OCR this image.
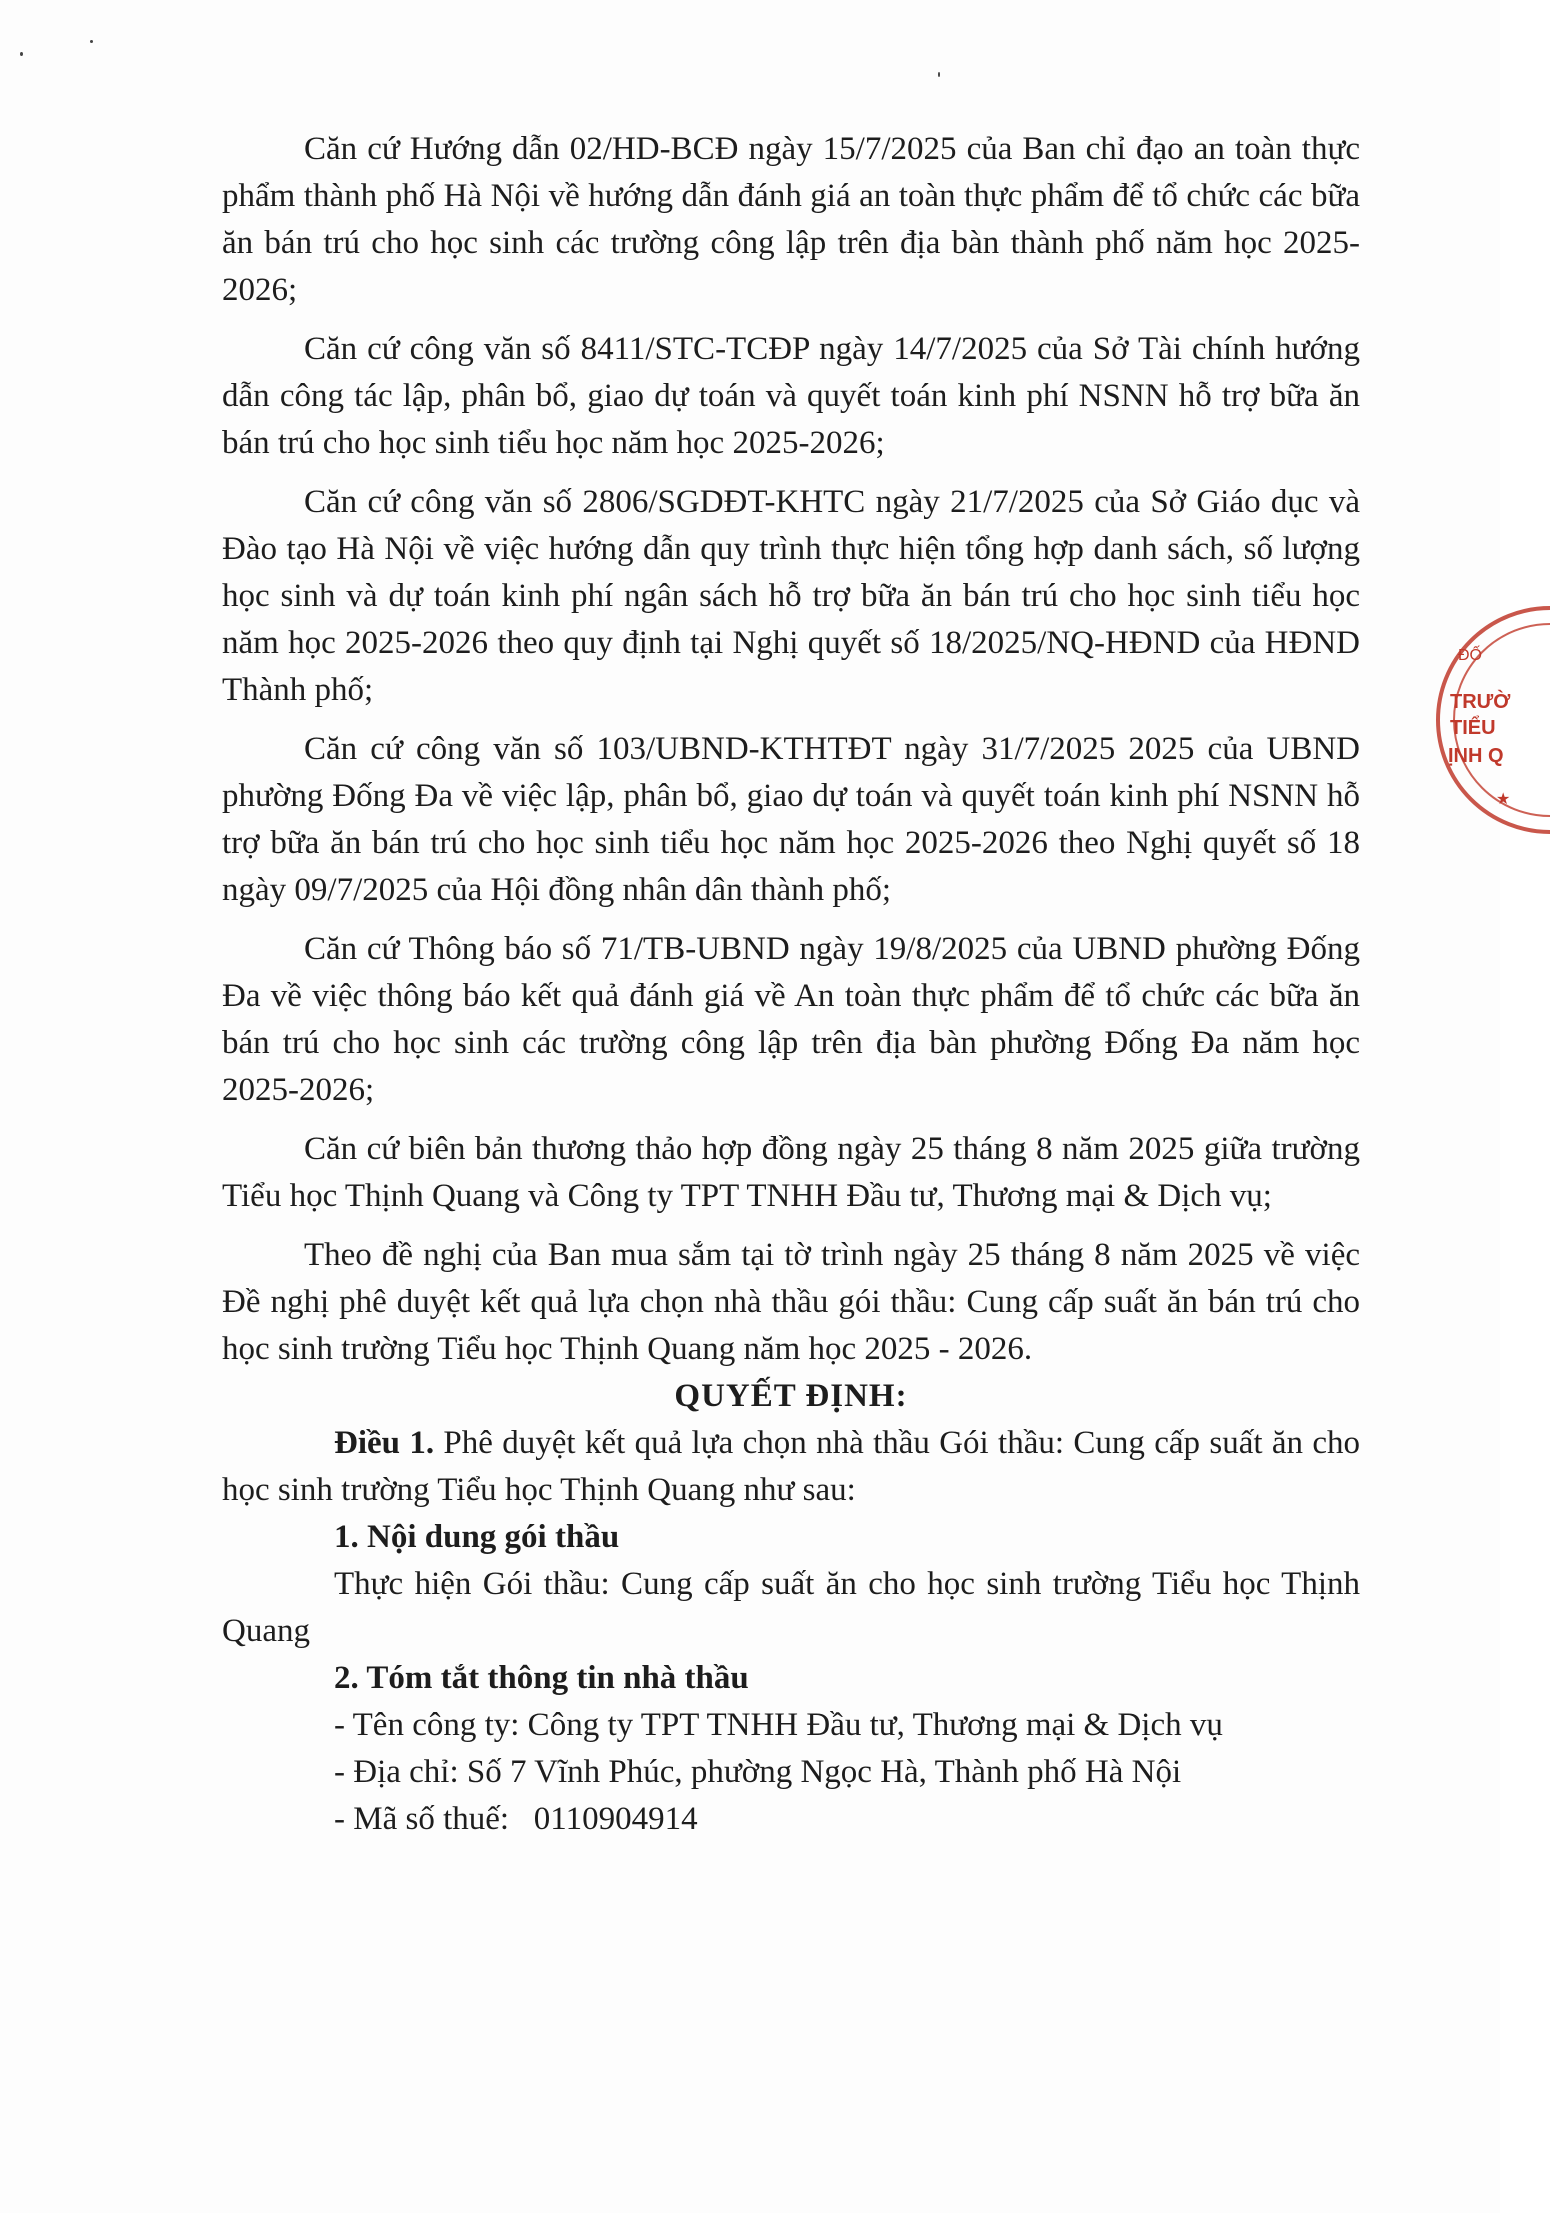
Căn cứ Hướng dẫn 02/HD-BCĐ ngày 15/7/2025 của Ban chỉ đạo an toàn thực phẩm thành phố Hà Nội về hướng dẫn đánh giá an toàn thực phẩm để tổ chức các bữa ăn bán trú cho học sinh các trường công lập trên địa bàn thành phố năm học 2025-2026;

Căn cứ công văn số 8411/STC-TCĐP ngày 14/7/2025 của Sở Tài chính hướng dẫn công tác lập, phân bổ, giao dự toán và quyết toán kinh phí NSNN hỗ trợ bữa ăn bán trú cho học sinh tiểu học năm học 2025-2026;

Căn cứ công văn số 2806/SGDĐT-KHTC ngày 21/7/2025 của Sở Giáo dục và Đào tạo Hà Nội về việc hướng dẫn quy trình thực hiện tổng hợp danh sách, số lượng học sinh và dự toán kinh phí ngân sách hỗ trợ bữa ăn bán trú cho học sinh tiểu học năm học 2025-2026 theo quy định tại Nghị quyết số 18/2025/NQ-HĐND của HĐND Thành phố;

Căn cứ công văn số 103/UBND-KTHTĐT ngày 31/7/2025 2025 của UBND phường Đống Đa về việc lập, phân bổ, giao dự toán và quyết toán kinh phí NSNN hỗ trợ bữa ăn bán trú cho học sinh tiểu học năm học 2025-2026 theo Nghị quyết số 18 ngày 09/7/2025 của Hội đồng nhân dân thành phố;

Căn cứ Thông báo số 71/TB-UBND ngày 19/8/2025 của UBND phường Đống Đa về việc thông báo kết quả đánh giá về An toàn thực phẩm để tổ chức các bữa ăn bán trú cho học sinh các trường công lập trên địa bàn phường Đống Đa năm học 2025-2026;

Căn cứ biên bản thương thảo hợp đồng ngày 25 tháng 8 năm 2025 giữa trường Tiểu học Thịnh Quang và Công ty TPT TNHH Đầu tư, Thương mại & Dịch vụ;

Theo đề nghị của Ban mua sắm tại tờ trình ngày 25 tháng 8 năm 2025 về việc Đề nghị phê duyệt kết quả lựa chọn nhà thầu gói thầu: Cung cấp suất ăn bán trú cho học sinh trường Tiểu học Thịnh Quang năm học 2025 - 2026.

QUYẾT ĐỊNH:

Điều 1. Phê duyệt kết quả lựa chọn nhà thầu Gói thầu: Cung cấp suất ăn cho học sinh trường Tiểu học Thịnh Quang như sau:

1. Nội dung gói thầu

Thực hiện Gói thầu: Cung cấp suất ăn cho học sinh trường Tiểu học Thịnh Quang

2. Tóm tắt thông tin nhà thầu

- Tên công ty: Công ty TPT TNHH Đầu tư, Thương mại & Dịch vụ

- Địa chỉ: Số 7 Vĩnh Phúc, phường Ngọc Hà, Thành phố Hà Nội

- Mã số thuế:   0110904914

ĐỐ
TRƯỜ
TIỂU
ỊNH Q
★
